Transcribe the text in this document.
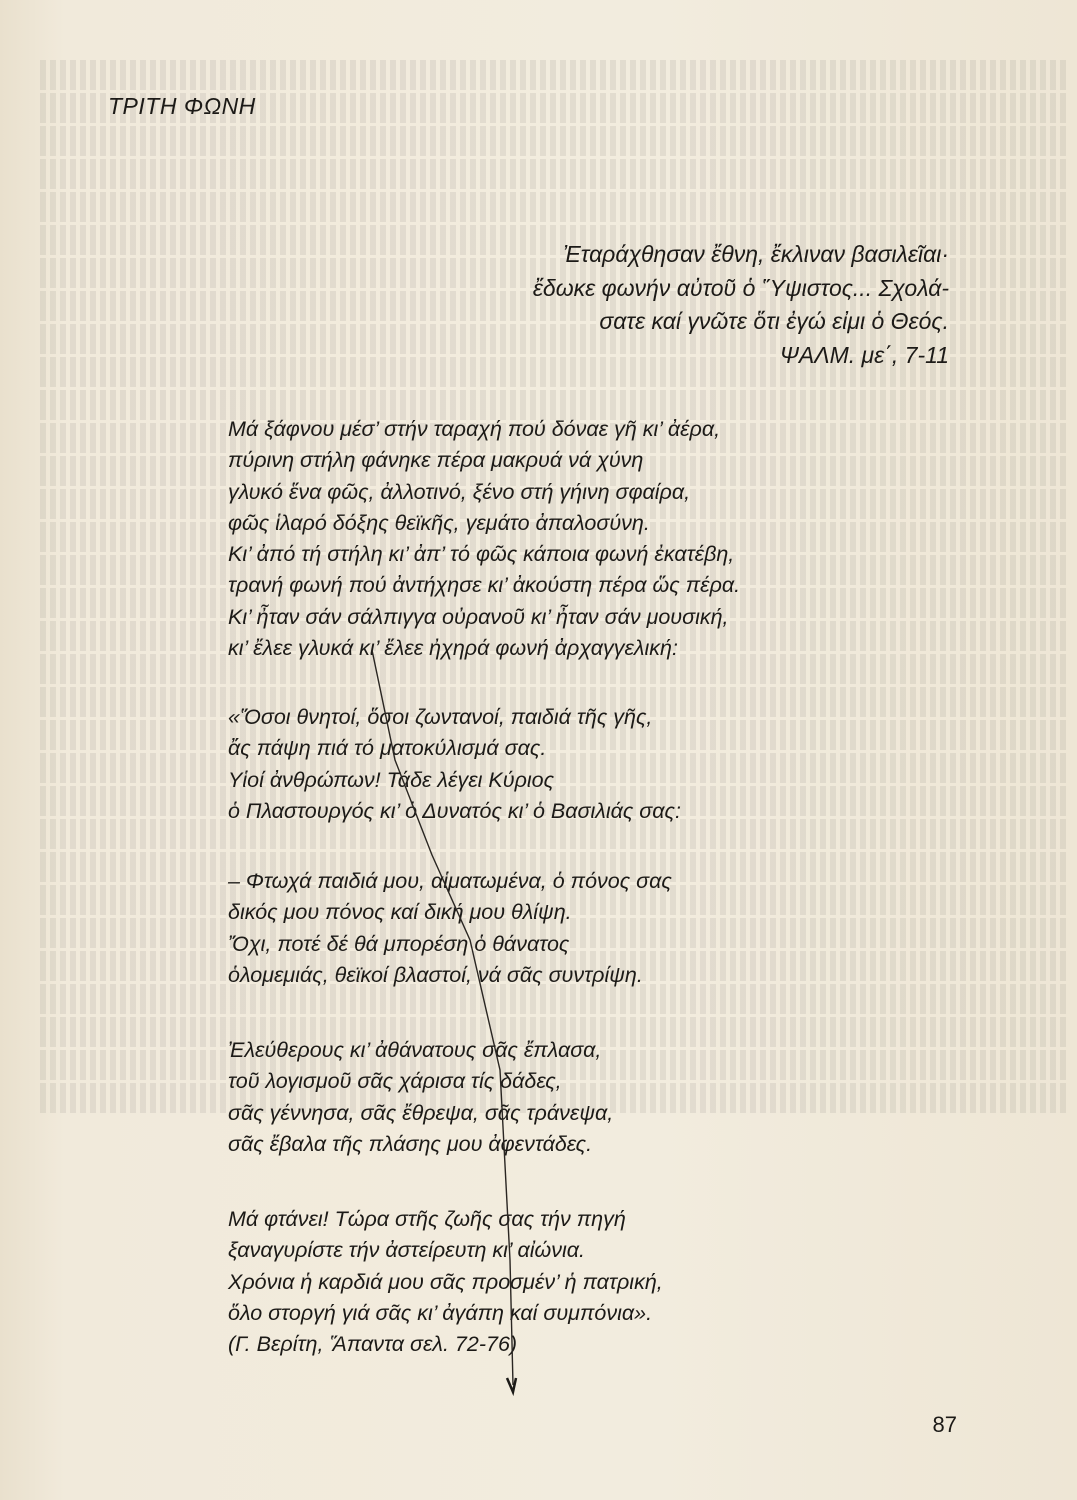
ΤΡΙΤΗ ΦΩΝΗ
Ἐταράχθησαν ἔθνη, ἔκλιναν βασιλεῖαι·
ἔδωκε φωνήν αὐτοῦ ὁ Ὕψιστος... Σχολά-
σατε καί γνῶτε ὅτι ἐγώ εἰμι ὁ Θεός.
ΨΑΛΜ. με΄, 7-11
Μά ξάφνου μέσ’ στήν ταραχή πού δόναε γῆ κι’ ἀέρα,
πύρινη στήλη φάνηκε πέρα μακρυά νά χύνη
γλυκό ἕνα φῶς, ἀλλοτινό, ξένο στή γήινη σφαίρα,
φῶς ἱλαρό δόξης θεϊκῆς, γεμάτο ἀπαλοσύνη.
Κι’ ἀπό τή στήλη κι’ ἀπ’ τό φῶς κάποια φωνή ἐκατέβη,
τρανή φωνή πού ἀντήχησε κι’ ἀκούστη πέρα ὥς πέρα.
Κι’ ἦταν σάν σάλπιγγα οὐρανοῦ κι’ ἦταν σάν μουσική,
κι’ ἔλεε γλυκά κι’ ἔλεε ἠχηρά φωνή ἀρχαγγελική:
«Ὅσοι θνητοί, ὅσοι ζωντανοί, παιδιά τῆς γῆς,
ἄς πάψη πιά τό ματοκύλισμά σας.
Υἱοί ἀνθρώπων! Τάδε λέγει Κύριος
ὁ Πλαστουργός κι’ ὁ Δυνατός κι’ ὁ Βασιλιάς σας:
– Φτωχά παιδιά μου, αἱματωμένα, ὁ πόνος σας
δικός μου πόνος καί δική μου θλίψη.
Ὄχι, ποτέ δέ θά μπορέση ὁ θάνατος
ὁλομεμιάς, θεϊκοί βλαστοί, νά σᾶς συντρίψη.
Ἐλεύθερους κι’ ἀθάνατους σᾶς ἔπλασα,
τοῦ λογισμοῦ σᾶς χάρισα τίς δάδες,
σᾶς γέννησα, σᾶς ἔθρεψα, σᾶς τράνεψα,
σᾶς ἔβαλα τῆς πλάσης μου ἀφεντάδες.
Μά φτάνει! Τώρα στῆς ζωῆς σας τήν πηγή
ξαναγυρίστε τήν ἀστείρευτη κι’ αἰώνια.
Χρόνια ἡ καρδιά μου σᾶς προσμέν’ ἡ πατρική,
ὅλο στοργή γιά σᾶς κι’ ἀγάπη καί συμπόνια».
(Γ. Βερίτη, Ἅπαντα σελ. 72-76)
87
